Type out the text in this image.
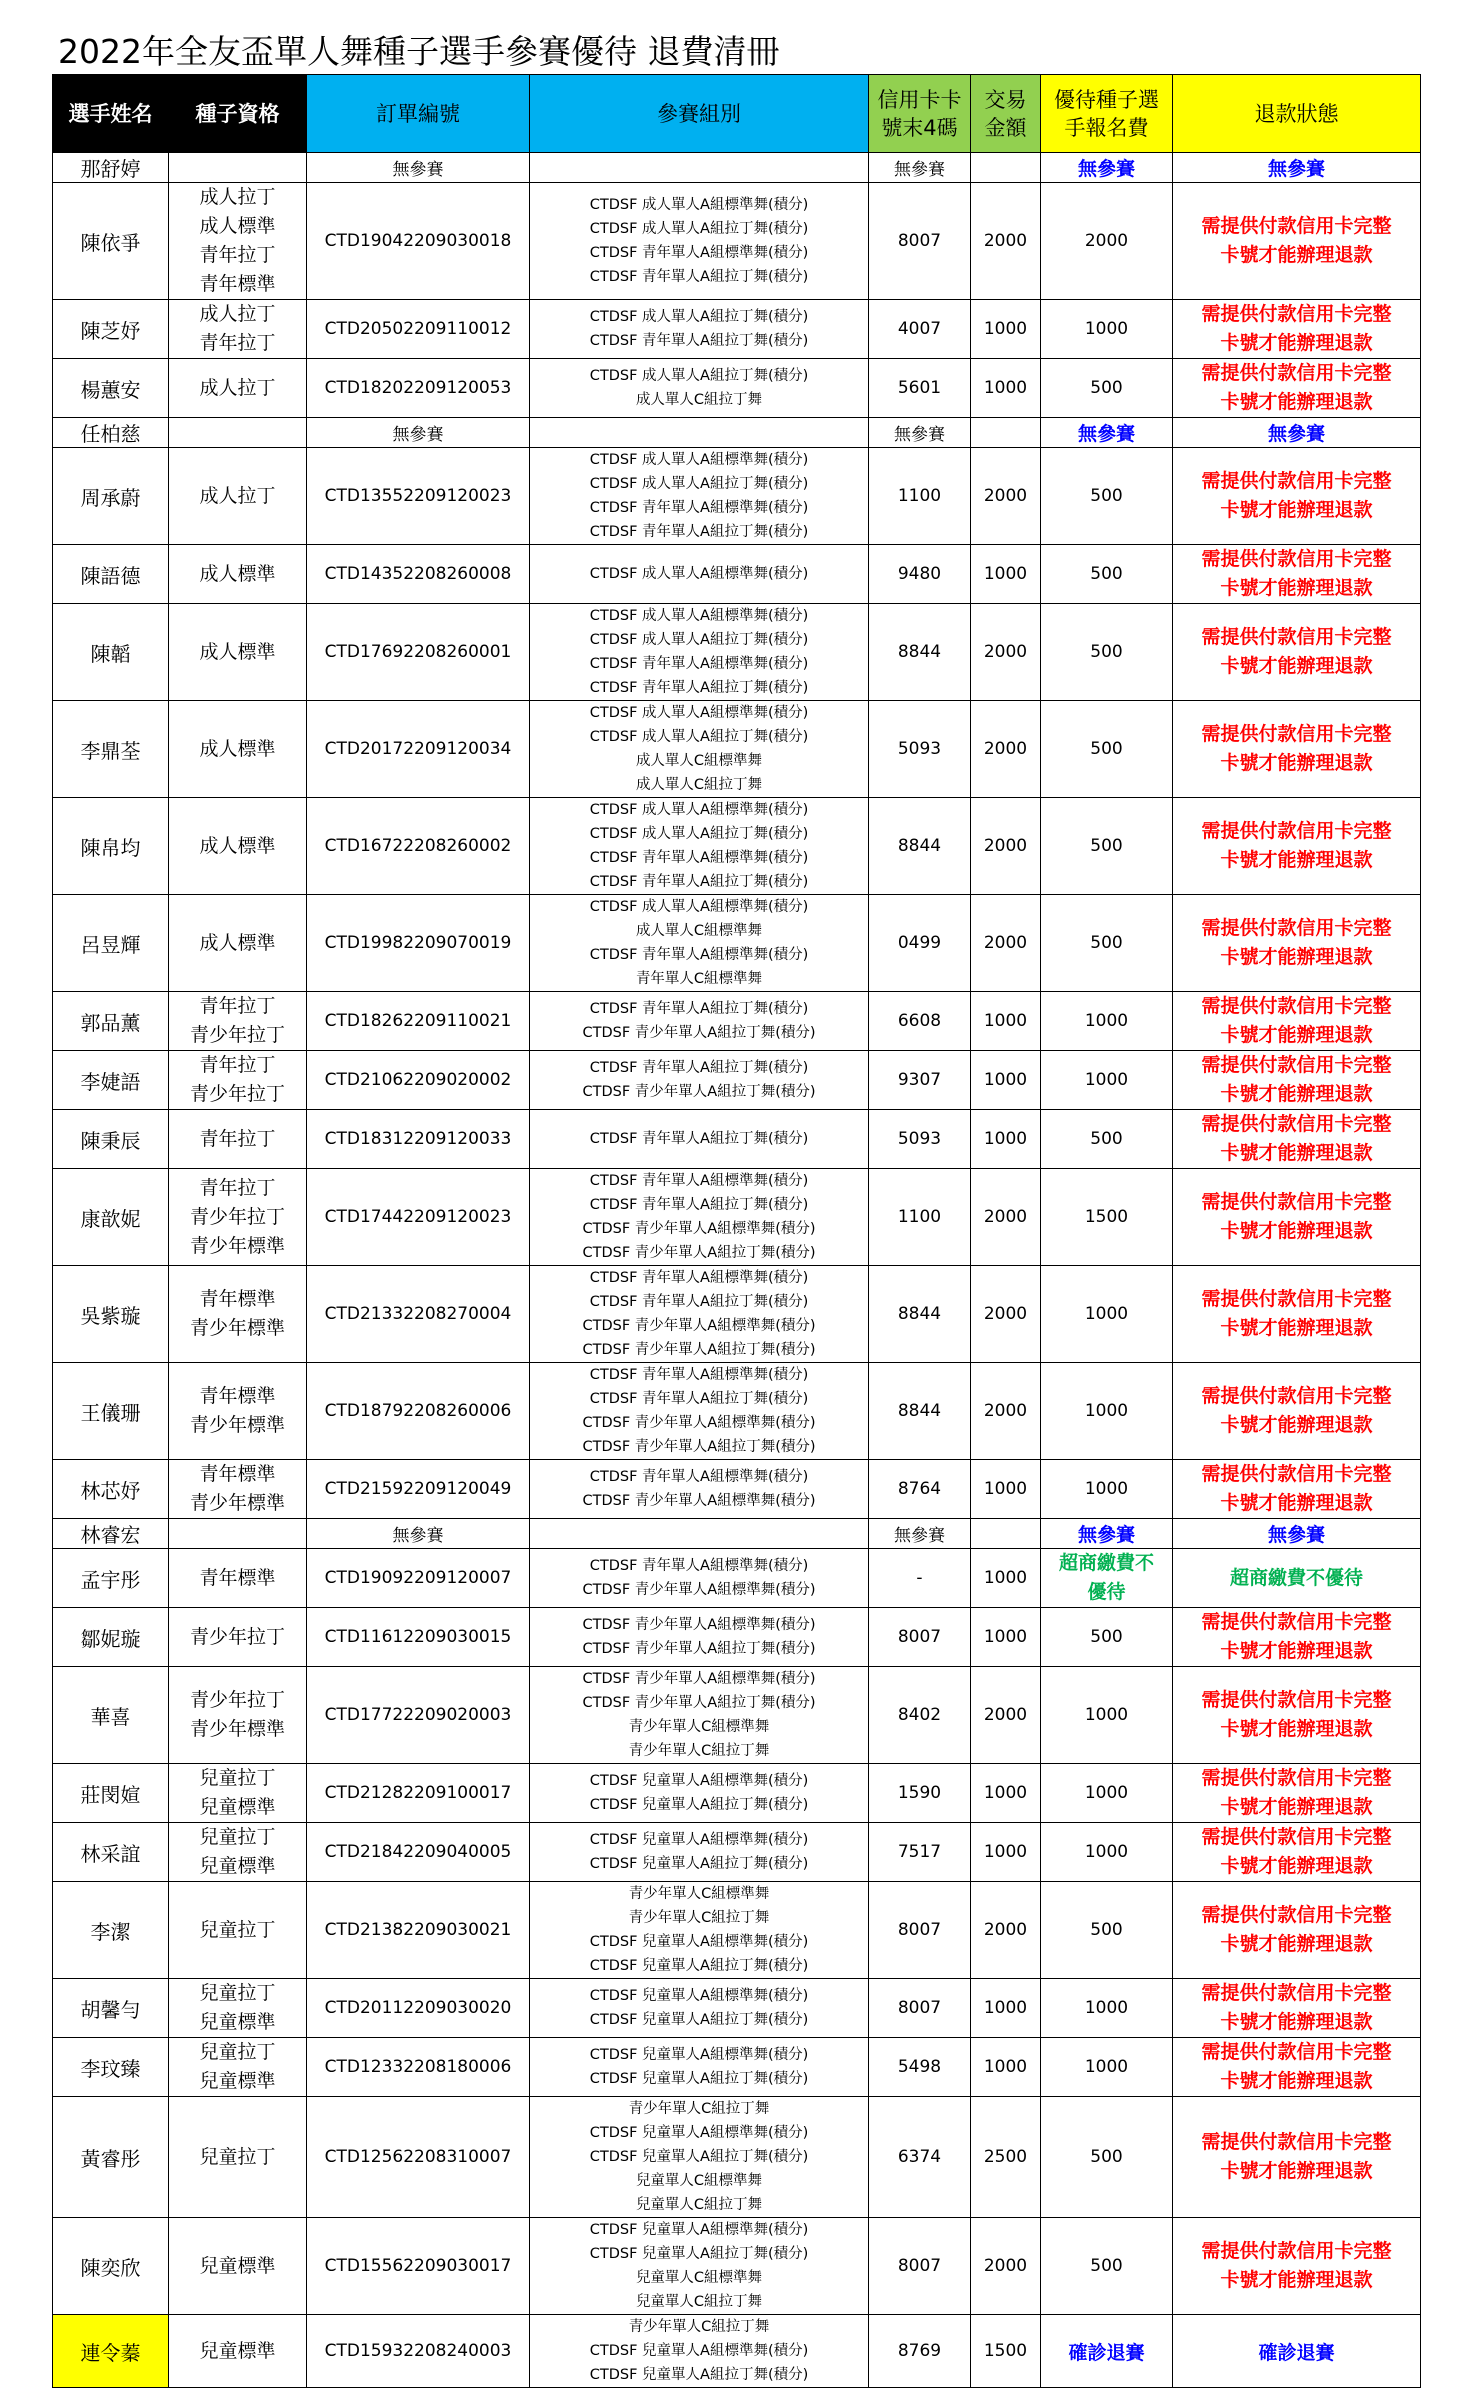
2022年全友盃單人舞種子選手參賽優待 退費清冊
選手姓名	種子資格	訂單編號	參賽組別	信用卡卡
號末4碼	交易
金額	優待種子選
手報名費	退款狀態

那舒婷		無參賽		無參賽		無參賽	無參賽
陳依爭	成人拉丁
成人標準
青年拉丁
青年標準	CTD19042209030018	CTDSF 成人單人A組標準舞(積分)
CTDSF 成人單人A組拉丁舞(積分)
CTDSF 青年單人A組標準舞(積分)
CTDSF 青年單人A組拉丁舞(積分)	8007	2000	2000	需提供付款信用卡完整
卡號才能辦理退款

陳芝妤	成人拉丁
青年拉丁	CTD20502209110012	CTDSF 成人單人A組拉丁舞(積分)
CTDSF 青年單人A組拉丁舞(積分)	4007	1000	1000	需提供付款信用卡完整
卡號才能辦理退款

楊蕙安	成人拉丁	CTD18202209120053	CTDSF 成人單人A組拉丁舞(積分)
成人單人C組拉丁舞	5601	1000	500	需提供付款信用卡完整
卡號才能辦理退款

任柏慈		無參賽		無參賽		無參賽	無參賽
周承蔚	成人拉丁	CTD13552209120023	CTDSF 成人單人A組標準舞(積分)
CTDSF 成人單人A組拉丁舞(積分)
CTDSF 青年單人A組標準舞(積分)
CTDSF 青年單人A組拉丁舞(積分)	1100	2000	500	需提供付款信用卡完整
卡號才能辦理退款

陳語德	成人標準	CTD14352208260008	CTDSF 成人單人A組標準舞(積分)	9480	1000	500	需提供付款信用卡完整
卡號才能辦理退款

陳韜	成人標準	CTD17692208260001	CTDSF 成人單人A組標準舞(積分)
CTDSF 成人單人A組拉丁舞(積分)
CTDSF 青年單人A組標準舞(積分)
CTDSF 青年單人A組拉丁舞(積分)	8844	2000	500	需提供付款信用卡完整
卡號才能辦理退款

李鼎荃	成人標準	CTD20172209120034	CTDSF 成人單人A組標準舞(積分)
CTDSF 成人單人A組拉丁舞(積分)
成人單人C組標準舞
成人單人C組拉丁舞	5093	2000	500	需提供付款信用卡完整
卡號才能辦理退款

陳帛均	成人標準	CTD16722208260002	CTDSF 成人單人A組標準舞(積分)
CTDSF 成人單人A組拉丁舞(積分)
CTDSF 青年單人A組標準舞(積分)
CTDSF 青年單人A組拉丁舞(積分)	8844	2000	500	需提供付款信用卡完整
卡號才能辦理退款

呂昱輝	成人標準	CTD19982209070019	CTDSF 成人單人A組標準舞(積分)
成人單人C組標準舞
CTDSF 青年單人A組標準舞(積分)
青年單人C組標準舞	0499	2000	500	需提供付款信用卡完整
卡號才能辦理退款

郭品薰	青年拉丁
青少年拉丁	CTD18262209110021	CTDSF 青年單人A組拉丁舞(積分)
CTDSF 青少年單人A組拉丁舞(積分)	6608	1000	1000	需提供付款信用卡完整
卡號才能辦理退款

李婕語	青年拉丁
青少年拉丁	CTD21062209020002	CTDSF 青年單人A組拉丁舞(積分)
CTDSF 青少年單人A組拉丁舞(積分)	9307	1000	1000	需提供付款信用卡完整
卡號才能辦理退款

陳秉辰	青年拉丁	CTD18312209120033	CTDSF 青年單人A組拉丁舞(積分)	5093	1000	500	需提供付款信用卡完整
卡號才能辦理退款

康歆妮	青年拉丁
青少年拉丁
青少年標準	CTD17442209120023	CTDSF 青年單人A組標準舞(積分)
CTDSF 青年單人A組拉丁舞(積分)
CTDSF 青少年單人A組標準舞(積分)
CTDSF 青少年單人A組拉丁舞(積分)	1100	2000	1500	需提供付款信用卡完整
卡號才能辦理退款

吳紫璇	青年標準
青少年標準	CTD21332208270004	CTDSF 青年單人A組標準舞(積分)
CTDSF 青年單人A組拉丁舞(積分)
CTDSF 青少年單人A組標準舞(積分)
CTDSF 青少年單人A組拉丁舞(積分)	8844	2000	1000	需提供付款信用卡完整
卡號才能辦理退款

王儀珊	青年標準
青少年標準	CTD18792208260006	CTDSF 青年單人A組標準舞(積分)
CTDSF 青年單人A組拉丁舞(積分)
CTDSF 青少年單人A組標準舞(積分)
CTDSF 青少年單人A組拉丁舞(積分)	8844	2000	1000	需提供付款信用卡完整
卡號才能辦理退款

林芯妤	青年標準
青少年標準	CTD21592209120049	CTDSF 青年單人A組標準舞(積分)
CTDSF 青少年單人A組標準舞(積分)	8764	1000	1000	需提供付款信用卡完整
卡號才能辦理退款

林睿宏		無參賽		無參賽		無參賽	無參賽
孟宇彤	青年標準	CTD19092209120007	CTDSF 青年單人A組標準舞(積分)
CTDSF 青少年單人A組標準舞(積分)	-	1000	超商繳費不
優待	超商繳費不優待

鄒妮璇	青少年拉丁	CTD11612209030015	CTDSF 青少年單人A組標準舞(積分)
CTDSF 青少年單人A組拉丁舞(積分)	8007	1000	500	需提供付款信用卡完整
卡號才能辦理退款

華喜	青少年拉丁
青少年標準	CTD17722209020003	CTDSF 青少年單人A組標準舞(積分)
CTDSF 青少年單人A組拉丁舞(積分)
青少年單人C組標準舞
青少年單人C組拉丁舞	8402	2000	1000	需提供付款信用卡完整
卡號才能辦理退款

莊閔媗	兒童拉丁
兒童標準	CTD21282209100017	CTDSF 兒童單人A組標準舞(積分)
CTDSF 兒童單人A組拉丁舞(積分)	1590	1000	1000	需提供付款信用卡完整
卡號才能辦理退款

林采誼	兒童拉丁
兒童標準	CTD21842209040005	CTDSF 兒童單人A組標準舞(積分)
CTDSF 兒童單人A組拉丁舞(積分)	7517	1000	1000	需提供付款信用卡完整
卡號才能辦理退款

李潔	兒童拉丁	CTD21382209030021	青少年單人C組標準舞
青少年單人C組拉丁舞
CTDSF 兒童單人A組標準舞(積分)
CTDSF 兒童單人A組拉丁舞(積分)	8007	2000	500	需提供付款信用卡完整
卡號才能辦理退款

胡馨勻	兒童拉丁
兒童標準	CTD20112209030020	CTDSF 兒童單人A組標準舞(積分)
CTDSF 兒童單人A組拉丁舞(積分)	8007	1000	1000	需提供付款信用卡完整
卡號才能辦理退款

李玟臻	兒童拉丁
兒童標準	CTD12332208180006	CTDSF 兒童單人A組標準舞(積分)
CTDSF 兒童單人A組拉丁舞(積分)	5498	1000	1000	需提供付款信用卡完整
卡號才能辦理退款

黃睿彤	兒童拉丁	CTD12562208310007	青少年單人C組拉丁舞
CTDSF 兒童單人A組標準舞(積分)
CTDSF 兒童單人A組拉丁舞(積分)
兒童單人C組標準舞
兒童單人C組拉丁舞	6374	2500	500	需提供付款信用卡完整
卡號才能辦理退款

陳奕欣	兒童標準	CTD15562209030017	CTDSF 兒童單人A組標準舞(積分)
CTDSF 兒童單人A組拉丁舞(積分)
兒童單人C組標準舞
兒童單人C組拉丁舞	8007	2000	500	需提供付款信用卡完整
卡號才能辦理退款

連令蓁	兒童標準	CTD15932208240003	青少年單人C組拉丁舞
CTDSF 兒童單人A組標準舞(積分)
CTDSF 兒童單人A組拉丁舞(積分)	8769	1500	確診退賽	確診退賽
